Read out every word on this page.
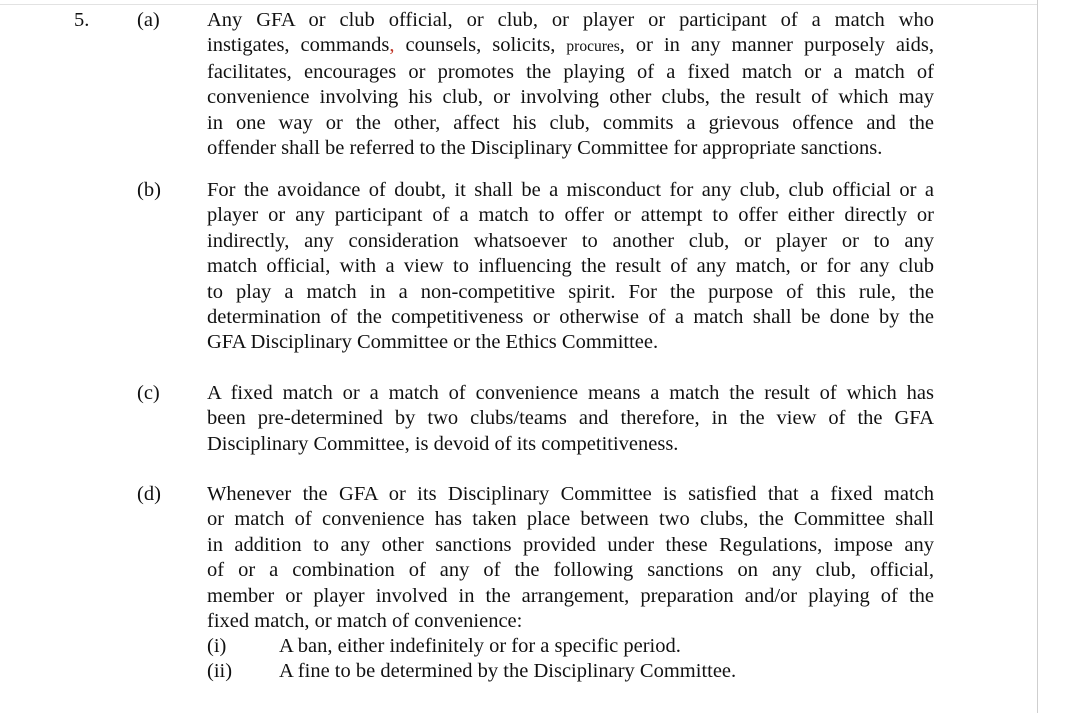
5. (a) Any GFA or club official, or club, or player or participant of a match who
instigates, commands, counsels, solicits, procures, or in any manner purposely aids,
facilitates, encourages or promotes the playing of a fixed match or a match of
convenience involving his club, or involving other clubs, the result of which may
in one way or the other, affect his club, commits a grievous offence and the
offender shall be referred to the Disciplinary Committee for appropriate sanctions.
(b) For the avoidance of doubt, it shall be a misconduct for any club, club official or a
player or any participant of a match to offer or attempt to offer either directly or
indirectly, any consideration whatsoever to another club, or player or to any
match official, with a view to influencing the result of any match, or for any club
to play a match in a non-competitive spirit. For the purpose of this rule, the
determination of the competitiveness or otherwise of a match shall be done by the
GFA Disciplinary Committee or the Ethics Committee.
(c) A fixed match or a match of convenience means a match the result of which has
been pre-determined by two clubs/teams and therefore, in the view of the GFA
Disciplinary Committee, is devoid of its competitiveness.
(d) Whenever the GFA or its Disciplinary Committee is satisfied that a fixed match
or match of convenience has taken place between two clubs, the Committee shall
in addition to any other sanctions provided under these Regulations, impose any
of or a combination of any of the following sanctions on any club, official,
member or player involved in the arrangement, preparation and/or playing of the
fixed match, or match of convenience:
(i)	A ban, either indefinitely or for a specific period.
(ii) A fine to be determined by the Disciplinary Committee.
